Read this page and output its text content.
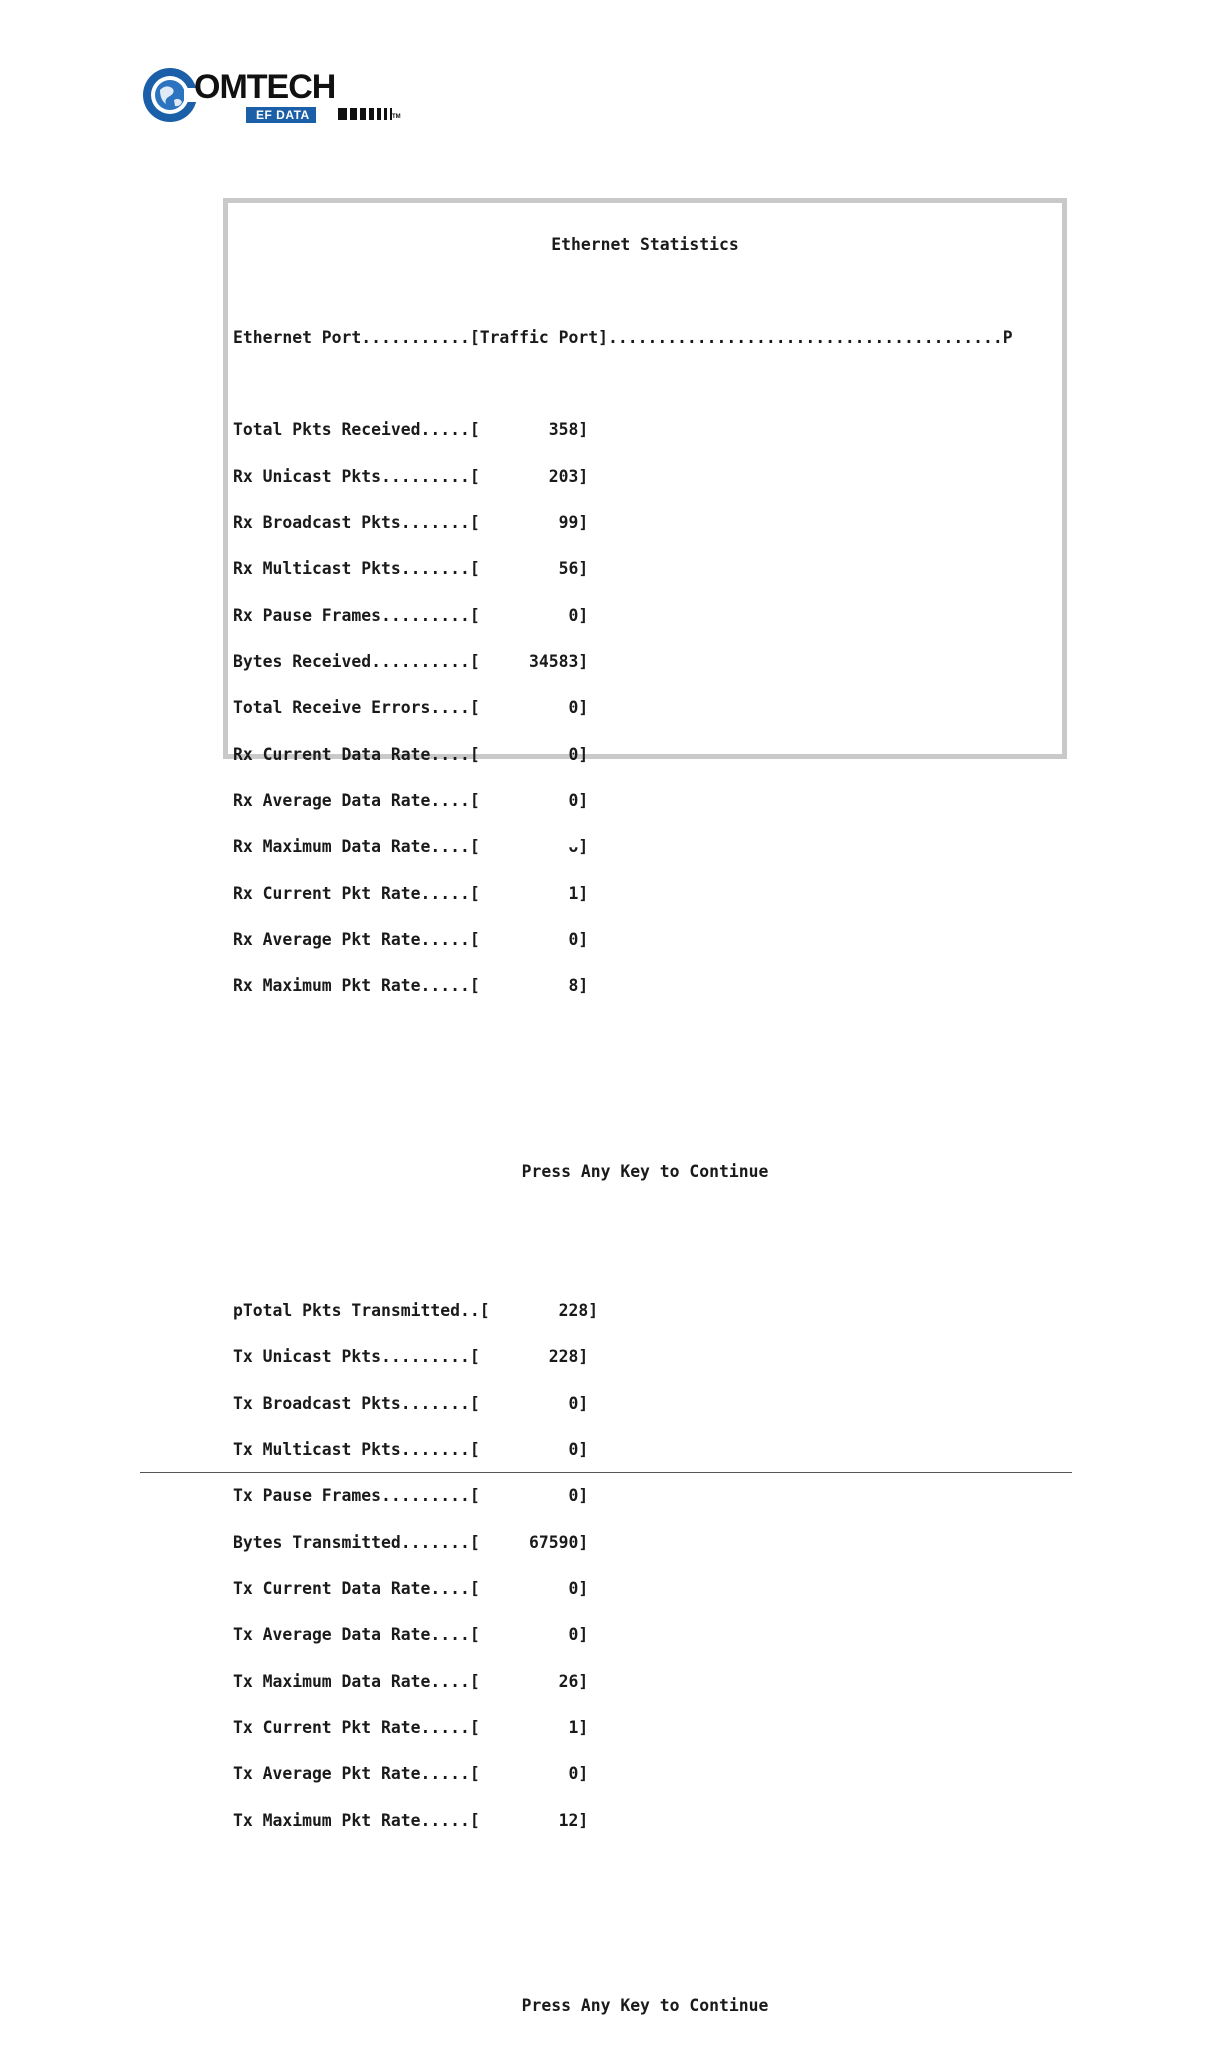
OMTECH
EF DATA	TM

Ethernet Statistics

Ethernet Port...........[Traffic Port]........................................P

Total Pkts Received.....[       358]

Rx Unicast Pkts.........[       203]

Rx Broadcast Pkts.......[        99]

Rx Multicast Pkts.......[        56]

Rx Pause Frames.........[         0]

Bytes Received..........[     34583]

Total Receive Errors....[         0]

Rx Current Data Rate....[         0]

Rx Average Data Rate....[         0]

Rx Maximum Data Rate....[         ᴗ]

Rx Current Pkt Rate.....[         1]

Rx Average Pkt Rate.....[         0]

Rx Maximum Pkt Rate.....[         8]

Press Any Key to Continue

pTotal Pkts Transmitted..[       228]

Tx Unicast Pkts.........[       228]

Tx Broadcast Pkts.......[         0]

Tx Multicast Pkts.......[         0]

Tx Pause Frames.........[         0]

Bytes Transmitted.......[     67590]

Tx Current Data Rate....[         0]

Tx Average Data Rate....[         0]

Tx Maximum Data Rate....[        26]

Tx Current Pkt Rate.....[         1]

Tx Average Pkt Rate.....[         0]

Tx Maximum Pkt Rate.....[        12]

Press Any Key to Continue
